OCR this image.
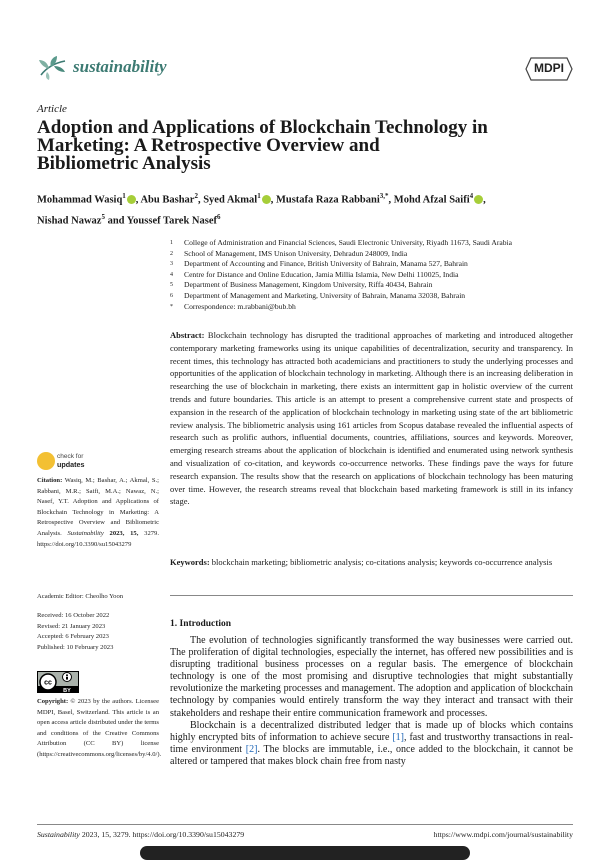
sustainability	MDPI
Article
Adoption and Applications of Blockchain Technology in
Marketing: A Retrospective Overview and
Bibliometric Analysis
Mohammad Wasiq$^1$ , Abu Bashar$^2$, Syed Akmal$^1$ , Mustafa Raza Rabbani$^{3,*}$, Mohd Afzal Saifi$^4$ ,
Nishad Nawaz$^5$ and Youssef Tarek Nasef$^6$
1	College of Administration and Financial Sciences, Saudi Electronic University, Riyadh 11673, Saudi Arabia
2	School of Management, IMS Unison University, Dehradun 248009, India
3	Department of Accounting and Finance, British University of Bahrain, Manama 527, Bahrain
4	Centre for Distance and Online Education, Jamia Millia Islamia, New Delhi 110025, India
5	Department of Business Management, Kingdom University, Riffa 40434, Bahrain
6	Department of Management and Marketing, University of Bahrain, Manama 32038, Bahrain
*	Correspondence: m.rabbani@bub.bh
Abstract: Blockchain technology has disrupted the traditional approaches of marketing and introduced altogether contemporary marketing frameworks using its unique capabilities of decentralization, security and transparency. In recent times, this technology has attracted both academicians and practitioners to study the underlying processes and opportunities of the application of blockchain technology in marketing. Although there is an increasing deliberation in researching the use of blockchain in marketing, there exists an intermittent gap in holistic overview of the current trends and future boundaries. This article is an attempt to present a comprehensive current state and prospects of expansion in the research of the application of blockchain technology in marketing using state of the art bibliometric review analysis. The bibliometric analysis using 161 articles from Scopus database revealed the influential aspects of research such as prolific authors, influential documents, countries, affiliations, sources and keywords. Moreover, emerging research streams about the application of blockchain is identified and enumerated using network synthesis and visualization of co-citation, and keywords co-occurrence networks. These findings pave the ways for future research expansion. The results show that the research on applications of blockchain technology has been maturing over time. However, the research streams reveal that blockchain based marketing framework is still in its infancy stage.
Keywords: blockchain marketing; bibliometric analysis; co-citations analysis; keywords co-occurrence analysis
check for
updates
Citation: Wasiq, M.; Bashar, A.; Akmal, S.; Rabbani, M.R.; Saifi, M.A.; Nawaz, N.; Nasef, Y.T. Adoption and Applications of Blockchain Technology in Marketing: A Retrospective Overview and Bibliometric Analysis. Sustainability 2023, 15, 3279. https://doi.org/10.3390/su15043279
Academic Editor: Cheolho Yoon
Received: 16 October 2022
Revised: 21 January 2023
Accepted: 6 February 2023
Published: 10 February 2023
cc
BY
Copyright: © 2023 by the authors. Licensee MDPI, Basel, Switzerland. This article is an open access article distributed under the terms and conditions of the Creative Commons Attribution (CC BY) license (https://creativecommons.org/licenses/by/4.0/).
1. Introduction

The evolution of technologies significantly transformed the way businesses were carried out. The proliferation of digital technologies, especially the internet, has offered new possibilities and is disrupting traditional business processes on a regular basis. The emergence of blockchain technology is one of the most promising and disruptive technologies that might substantially revolutionize the marketing processes and management. The adoption and application of blockchain technology by companies would entirely transform the way they interact and transact with their stakeholders and reshape their entire communication framework and processes.

Blockchain is a decentralized distributed ledger that is made up of blocks which contains highly encrypted bits of information to achieve secure [1], fast and trustworthy transactions in real-time environment [2]. The blocks are immutable, i.e., once added to the blockchain, it cannot be altered or tampered that makes block chain free from nasty

Sustainability 2023, 15, 3279. https://doi.org/10.3390/su15043279	https://www.mdpi.com/journal/sustainability
